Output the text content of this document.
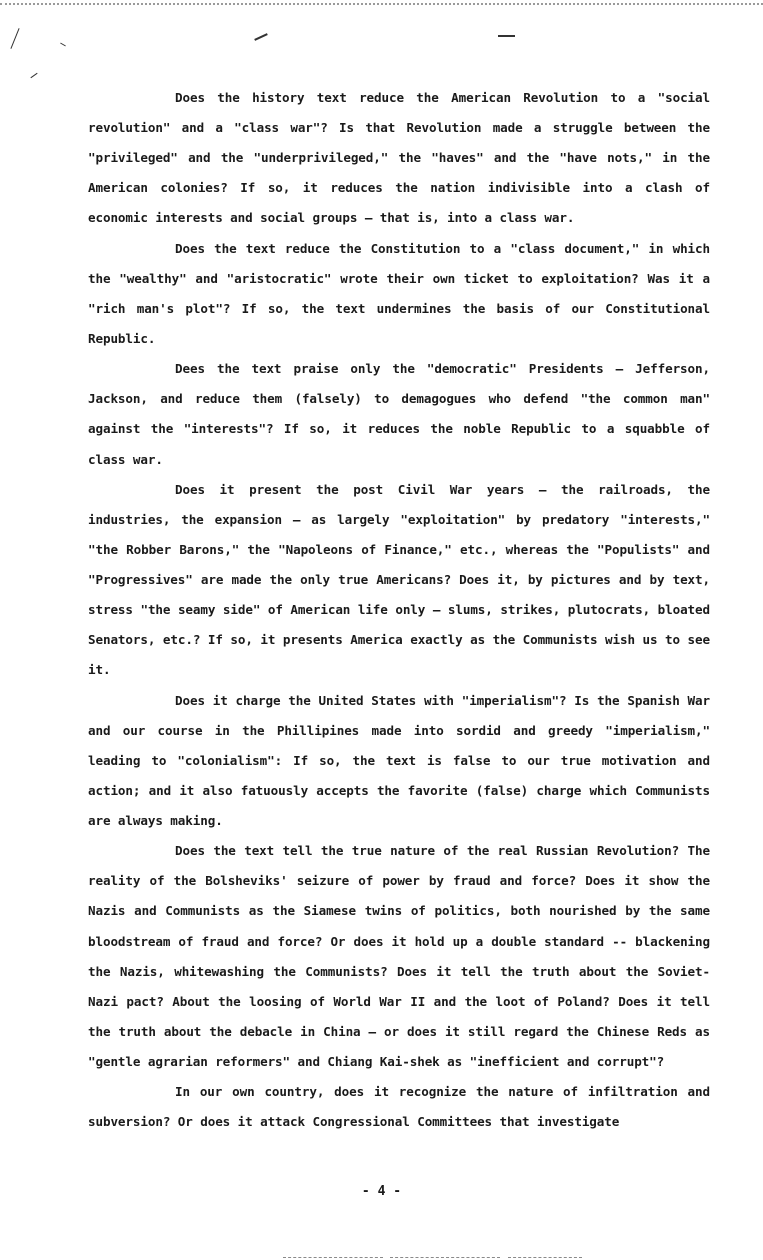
Does the history text reduce the American Revolution to a "social revolution" and a "class war"? Is that Revolution made a struggle between the "privileged" and the "underprivileged," the "haves" and the "have nots," in the American colonies? If so, it reduces the nation indivisible into a clash of economic interests and social groups — that is, into a class war.

Does the text reduce the Constitution to a "class document," in which the "wealthy" and "aristocratic" wrote their own ticket to exploitation? Was it a "rich man's plot"? If so, the text undermines the basis of our Constitutional Republic.

Dees the text praise only the "democratic" Presidents — Jefferson, Jackson, and reduce them (falsely) to demagogues who defend "the common man" against the "interests"? If so, it reduces the noble Republic to a squabble of class war.

Does it present the post Civil War years — the railroads, the industries, the expansion — as largely "exploitation" by predatory "interests," "the Robber Barons," the "Napoleons of Finance," etc., whereas the "Populists" and "Progressives" are made the only true Americans? Does it, by pictures and by text, stress "the seamy side" of American life only — slums, strikes, plutocrats, bloated Senators, etc.? If so, it presents America exactly as the Communists wish us to see it.

Does it charge the United States with "imperialism"? Is the Spanish War and our course in the Phillipines made into sordid and greedy "imperialism," leading to "colonialism": If so, the text is false to our true motivation and action; and it also fatuously accepts the favorite (false) charge which Communists are always making.

Does the text tell the true nature of the real Russian Revolution? The reality of the Bolsheviks' seizure of power by fraud and force? Does it show the Nazis and Communists as the Siamese twins of politics, both nourished by the same bloodstream of fraud and force? Or does it hold up a double standard -- blackening the Nazis, whitewashing the Communists? Does it tell the truth about the Soviet-Nazi pact? About the loosing of World War II and the loot of Poland? Does it tell the truth about the debacle in China — or does it still regard the Chinese Reds as "gentle agrarian reformers" and Chiang Kai-shek as "inefficient and corrupt"?

In our own country, does it recognize the nature of infiltration and subversion? Or does it attack Congressional Committees that investigate

- 4 -
